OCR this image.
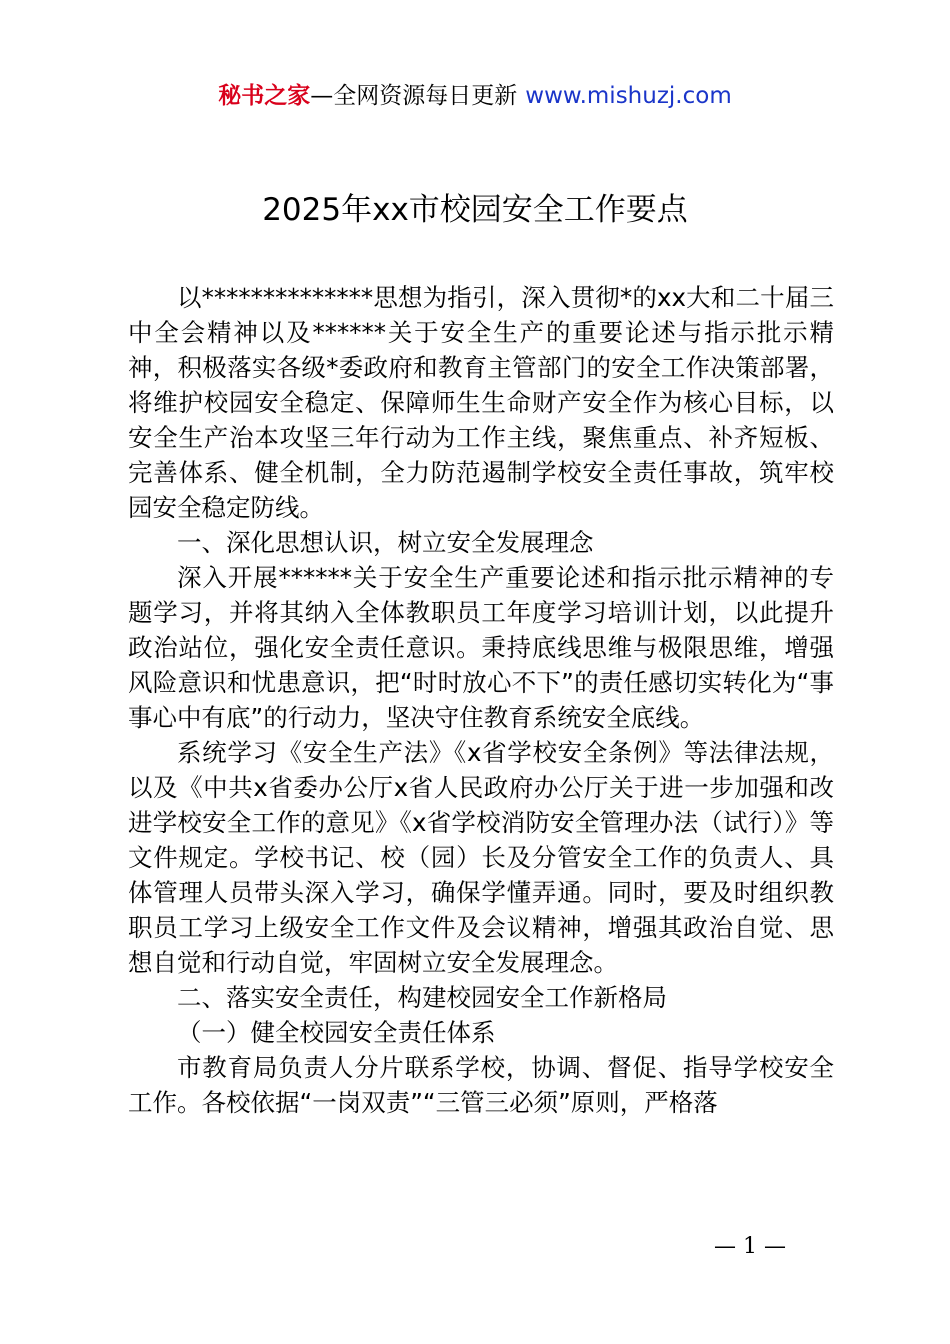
秘书之家—全网资源每日更新 www.mishuzj.com
2025年xx市校园安全工作要点

以**************思想为指引，深入贯彻*的xx大和二十届三中全会精神以及******关于安全生产的重要论述与指示批示精神，积极落实各级*委政府和教育主管部门的安全工作决策部署，将维护校园安全稳定、保障师生生命财产安全作为核心目标，以安全生产治本攻坚三年行动为工作主线，聚焦重点、补齐短板、完善体系、健全机制，全力防范遏制学校安全责任事故，筑牢校园安全稳定防线。

一、深化思想认识，树立安全发展理念

深入开展******关于安全生产重要论述和指示批示精神的专题学习，并将其纳入全体教职员工年度学习培训计划，以此提升政治站位，强化安全责任意识。秉持底线思维与极限思维，增强风险意识和忧患意识，把“时时放心不下”的责任感切实转化为“事事心中有底”的行动力，坚决守住教育系统安全底线。

系统学习《安全生产法》《x省学校安全条例》等法律法规，以及《中共x省委办公厅x省人民政府办公厅关于进一步加强和改进学校安全工作的意见》《x省学校消防安全管理办法（试行）》等文件规定。学校书记、校（园）长及分管安全工作的负责人、具体管理人员带头深入学习，确保学懂弄通。同时，要及时组织教职员工学习上级安全工作文件及会议精神，增强其政治自觉、思想自觉和行动自觉，牢固树立安全发展理念。

二、落实安全责任，构建校园安全工作新格局

（一）健全校园安全责任体系

市教育局负责人分片联系学校，协调、督促、指导学校安全工作。各校依据“一岗双责”“三管三必须”原则，严格落

— 1 —
